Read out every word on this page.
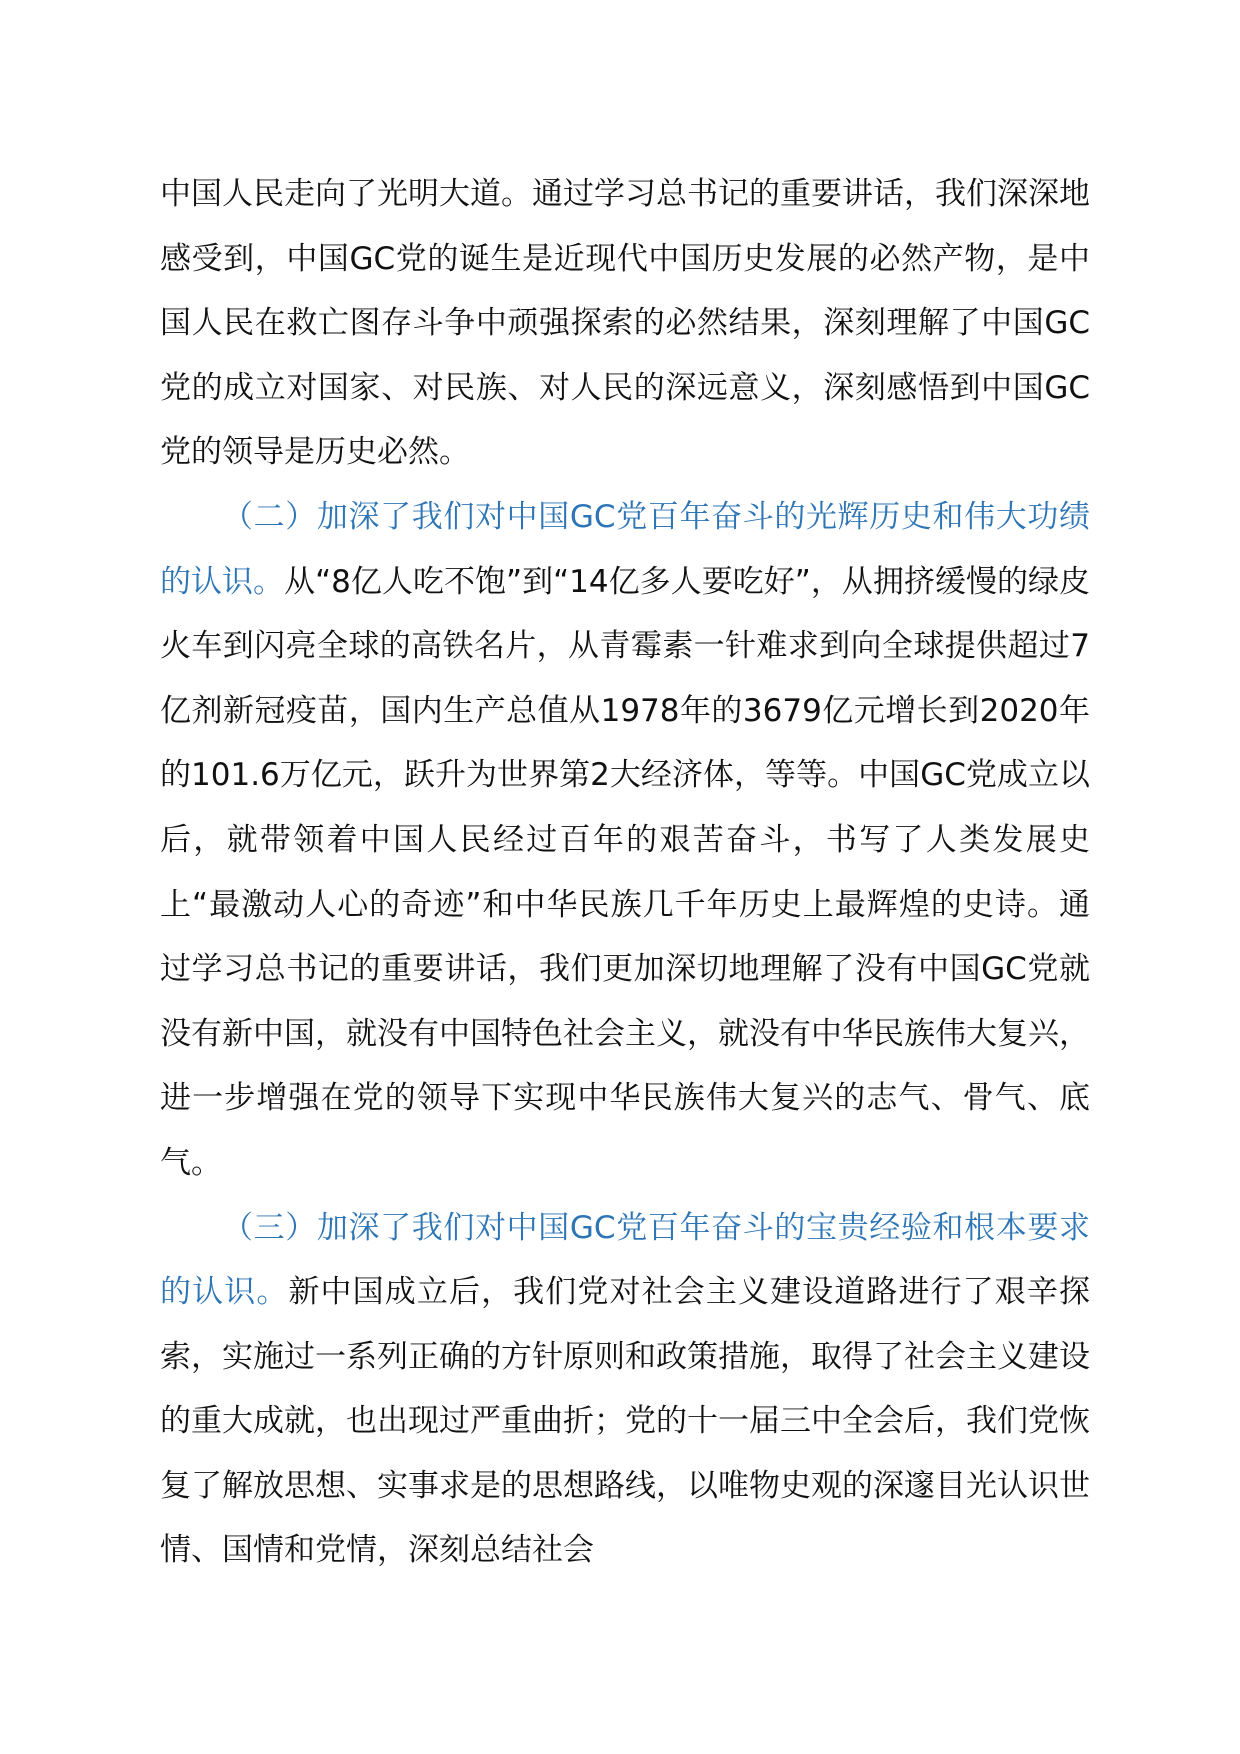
中国人民走向了光明大道。通过学习总书记的重要讲话，我们深深地感受到，中国GC党的诞生是近现代中国历史发展的必然产物，是中国人民在救亡图存斗争中顽强探索的必然结果，深刻理解了中国GC党的成立对国家、对民族、对人民的深远意义，深刻感悟到中国GC党的领导是历史必然。

（二）加深了我们对中国GC党百年奋斗的光辉历史和伟大功绩的认识。从“8亿人吃不饱”到“14亿多人要吃好”，从拥挤缓慢的绿皮火车到闪亮全球的高铁名片，从青霉素一针难求到向全球提供超过7亿剂新冠疫苗，国内生产总值从1978年的3679亿元增长到2020年的101.6万亿元，跃升为世界第2大经济体，等等。中国GC党成立以后，就带领着中国人民经过百年的艰苦奋斗，书写了人类发展史上“最激动人心的奇迹”和中华民族几千年历史上最辉煌的史诗。通过学习总书记的重要讲话，我们更加深切地理解了没有中国GC党就没有新中国，就没有中国特色社会主义，就没有中华民族伟大复兴，进一步增强在党的领导下实现中华民族伟大复兴的志气、骨气、底气。

（三）加深了我们对中国GC党百年奋斗的宝贵经验和根本要求的认识。新中国成立后，我们党对社会主义建设道路进行了艰辛探索，实施过一系列正确的方针原则和政策措施，取得了社会主义建设的重大成就，也出现过严重曲折；党的十一届三中全会后，我们党恢复了解放思想、实事求是的思想路线，以唯物史观的深邃目光认识世情、国情和党情，深刻总结社会
